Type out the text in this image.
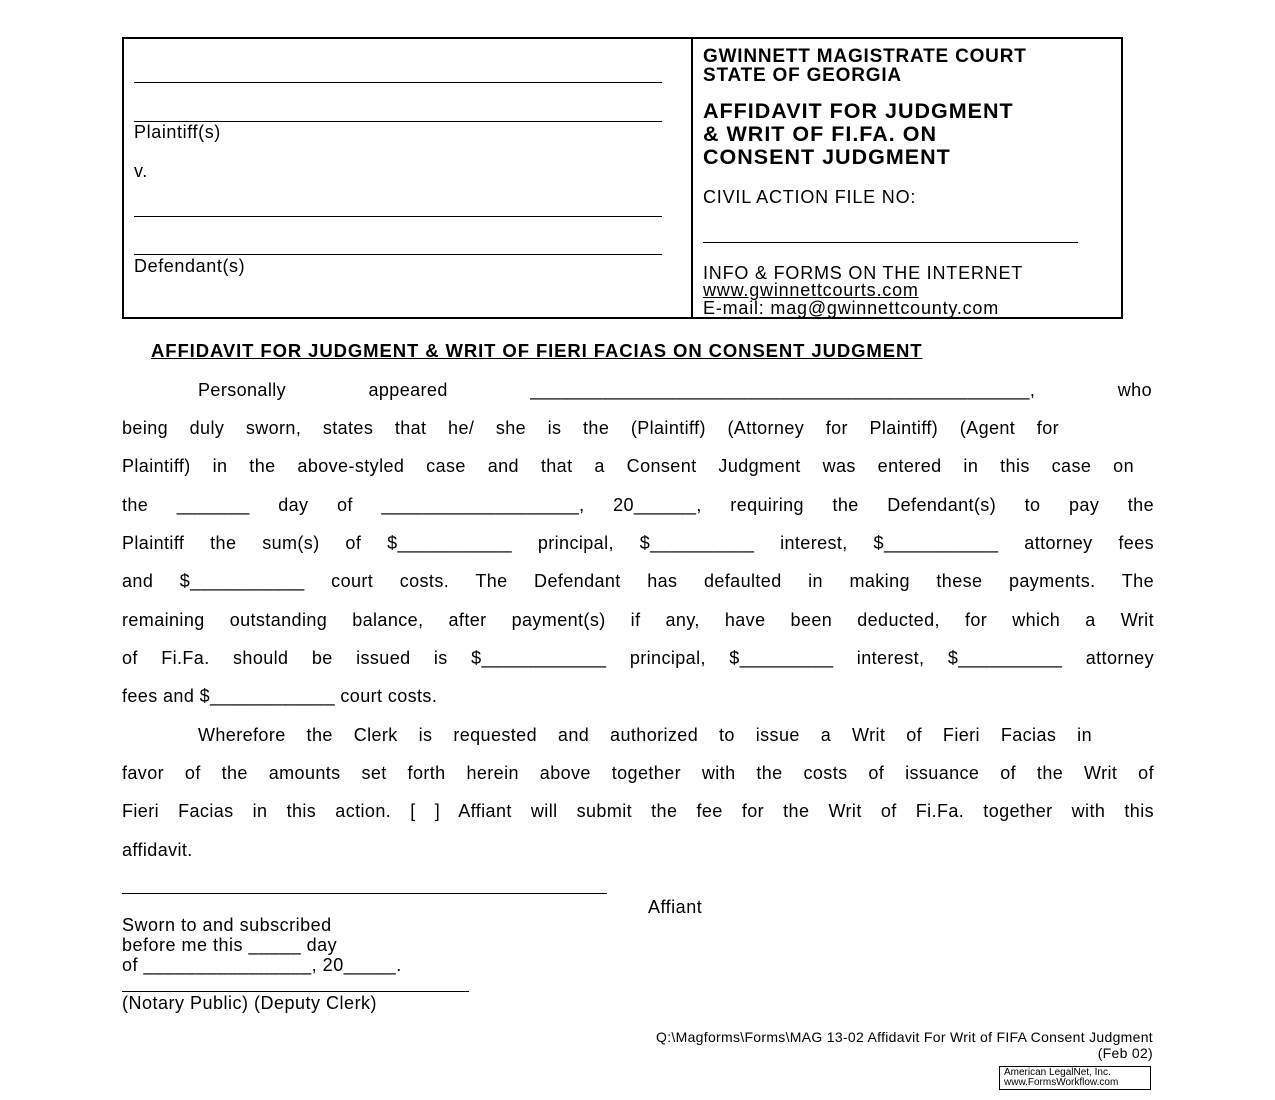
Plaintiff(s)
v.
Defendant(s)
GWINNETT MAGISTRATE COURT
STATE OF GEORGIA
AFFIDAVIT FOR JUDGMENT
& WRIT OF FI.FA. ON
CONSENT JUDGMENT
CIVIL ACTION FILE NO:
INFO & FORMS ON THE INTERNET
www.gwinnettcourts.com
E-mail: mag@gwinnettcounty.com
AFFIDAVIT FOR JUDGMENT & WRIT OF FIERI FACIAS ON CONSENT JUDGMENT
Personally appeared ________________________________________________, who
being duly sworn, states that he/ she is the (Plaintiff) (Attorney for Plaintiff) (Agent for
Plaintiff) in the above-styled case and that a Consent Judgment was entered in this case on
the _______ day of ___________________, 20______, requiring the Defendant(s) to pay the
Plaintiff the sum(s) of $___________ principal, $__________ interest, $___________ attorney fees
and $___________ court costs. The Defendant has defaulted in making these payments. The
remaining outstanding balance, after payment(s) if any, have been deducted, for which a Writ
of Fi.Fa. should be issued is $____________ principal, $_________ interest, $__________ attorney
fees and $____________ court costs.
Wherefore the Clerk is requested and authorized to issue a Writ of Fieri Facias in
favor of the amounts set forth herein above together with the costs of issuance of the Writ of
Fieri Facias in this action. [ ] Affiant will submit the fee for the Writ of Fi.Fa. together with this
affidavit.
Affiant
Sworn to and subscribed
before me this _____ day
of ________________, 20_____.
(Notary Public) (Deputy Clerk)
Q:\Magforms\Forms\MAG 13-02 Affidavit For Writ of FIFA Consent Judgment
(Feb 02)
American LegalNet, Inc.
www.FormsWorkflow.com
